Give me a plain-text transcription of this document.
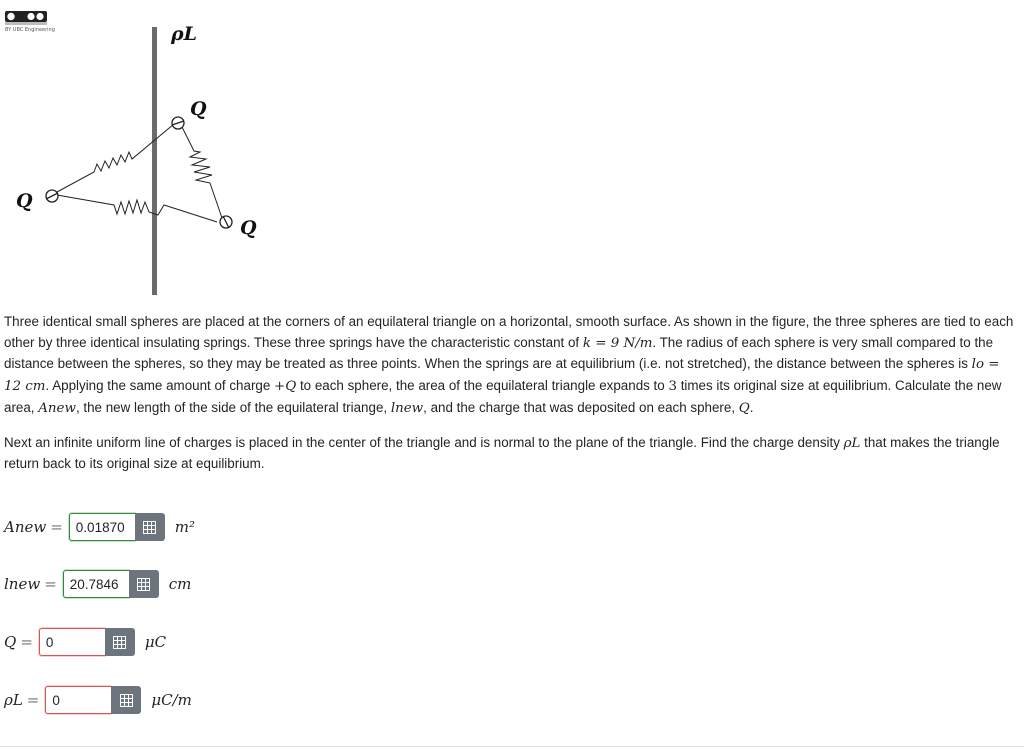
BY UBC Engineering	ρL
Q
Q
Q

Three identical small spheres are placed at the corners of an equilateral triangle on a horizontal, smooth surface. As shown in the figure, the three spheres are tied to each other by three identical insulating springs. These three springs have the characteristic constant of k = 9 N/m. The radius of each sphere is very small compared to the distance between the spheres, so they may be treated as three points. When the springs are at equilibrium (i.e. not stretched), the distance between the spheres is lo = 12 cm. Applying the same amount of charge +Q to each sphere, the area of the equilateral triangle expands to 3 times its original size at equilibrium. Calculate the new area, Anew, the new length of the side of the equilateral triange, lnew, and the charge that was deposited on each sphere, Q.

Next an infinite uniform line of charges is placed in the center of the triangle and is normal to the plane of the triangle. Find the charge density ρL that makes the triangle return back to its original size at equilibrium.

Anew =
0.01870	m²
lnew =
20.7846	cm
Q =
0	μC
ρL =
0	μC/m
